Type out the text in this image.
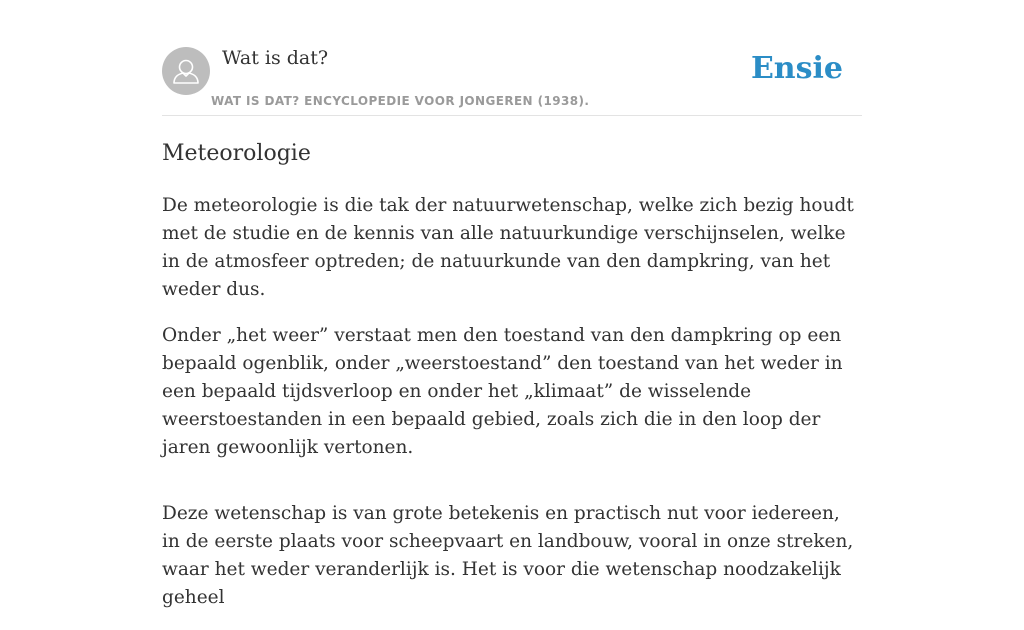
Wat is dat?
WAT IS DAT? ENCYCLOPEDIE VOOR JONGEREN (1938).
Ensie
Meteorologie

De meteorologie is die tak der natuurwetenschap, welke zich bezig houdt met de studie en de kennis van alle natuurkundige verschijnselen, welke in de atmosfeer optreden; de natuurkunde van den dampkring, van het weder dus.

Onder „het weer” verstaat men den toestand van den dampkring op een bepaald ogenblik, onder „weerstoestand” den toestand van het weder in een bepaald tijdsverloop en onder het „klimaat” de wisselende weerstoestanden in een bepaald gebied, zoals zich die in den loop der jaren gewoonlijk vertonen.

Deze wetenschap is van grote betekenis en practisch nut voor iedereen, in de eerste plaats voor scheepvaart en landbouw, vooral in onze streken, waar het weder veranderlijk is. Het is voor die wetenschap noodzakelijk geheel
